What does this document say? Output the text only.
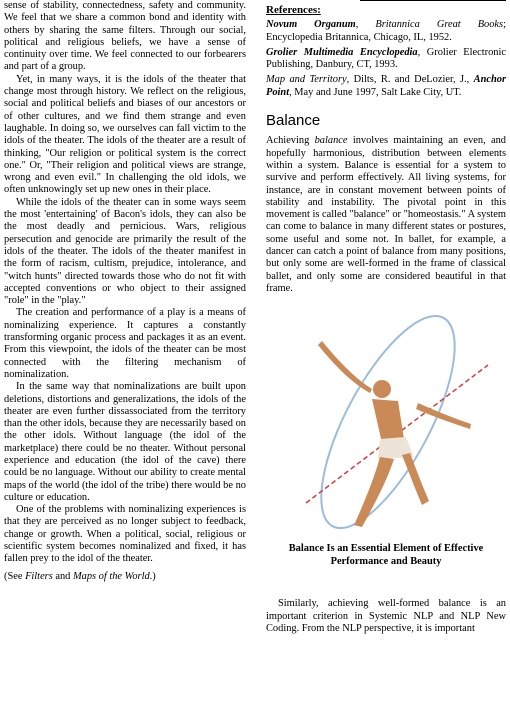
sense of stability, connectedness, safety and community. We feel that we share a common bond and identity with others by sharing the same filters. Through our social, political and religious beliefs, we have a sense of continuity over time. We feel connected to our forbearers and part of a group.

Yet, in many ways, it is the idols of the theater that change most through history. We reflect on the religious, social and political beliefs and biases of our ancestors or of other cultures, and we find them strange and even laughable. In doing so, we ourselves can fall victim to the idols of the theater. The idols of the theater are a result of thinking, "Our religion or political system is the correct one." Or, "Their religion and political views are strange, wrong and even evil." In challenging the old idols, we often unknowingly set up new ones in their place.

While the idols of the theater can in some ways seem the most 'entertaining' of Bacon's idols, they can also be the most deadly and pernicious. Wars, religious persecution and genocide are primarily the result of the idols of the theater. The idols of the theater manifest in the form of racism, cultism, prejudice, intolerance, and "witch hunts" directed towards those who do not fit with accepted conventions or who object to their assigned "role" in the "play."

The creation and performance of a play is a means of nominalizing experience. It captures a constantly transforming organic process and packages it as an event. From this viewpoint, the idols of the theater can be most connected with the filtering mechanism of nominalization.

In the same way that nominalizations are built upon deletions, distortions and generalizations, the idols of the theater are even further dissassociated from the territory than the other idols, because they are necessarily based on the other idols. Without language (the idol of the marketplace) there could be no theater. Without personal experience and education (the idol of the cave) there could be no language. Without our ability to create mental maps of the world (the idol of the tribe) there would be no culture or education.

One of the problems with nominalizing experiences is that they are perceived as no longer subject to feedback, change or growth. When a political, social, religious or scientific system becomes nominalized and fixed, it has fallen prey to the idol of the theater.

(See Filters and Maps of the World.)

References:

Novum Organum, Britannica Great Books; Encyclopedia Britannica, Chicago, IL, 1952.

Grolier Multimedia Encyclopedia, Grolier Electronic Publishing, Danbury, CT, 1993.

Map and Territory, Dilts, R. and DeLozier, J., Anchor Point, May and June 1997, Salt Lake City, UT.

Balance

Achieving balance involves maintaining an even, and hopefully harmonious, distribution between elements within a system. Balance is essential for a system to survive and perform effectively. All living systems, for instance, are in constant movement between points of stability and instability. The pivotal point in this movement is called "balance" or "homeostasis." A system can come to balance in many different states or postures, some useful and some not. In ballet, for example, a dancer can catch a point of balance from many positions, but only some are well-formed in the frame of classical ballet, and only some are considered beautiful in that frame.

Balance Is an Essential Element of Effective Performance and Beauty

Similarly, achieving well-formed balance is an important criterion in Systemic NLP and NLP New Coding. From the NLP perspective, it is important
